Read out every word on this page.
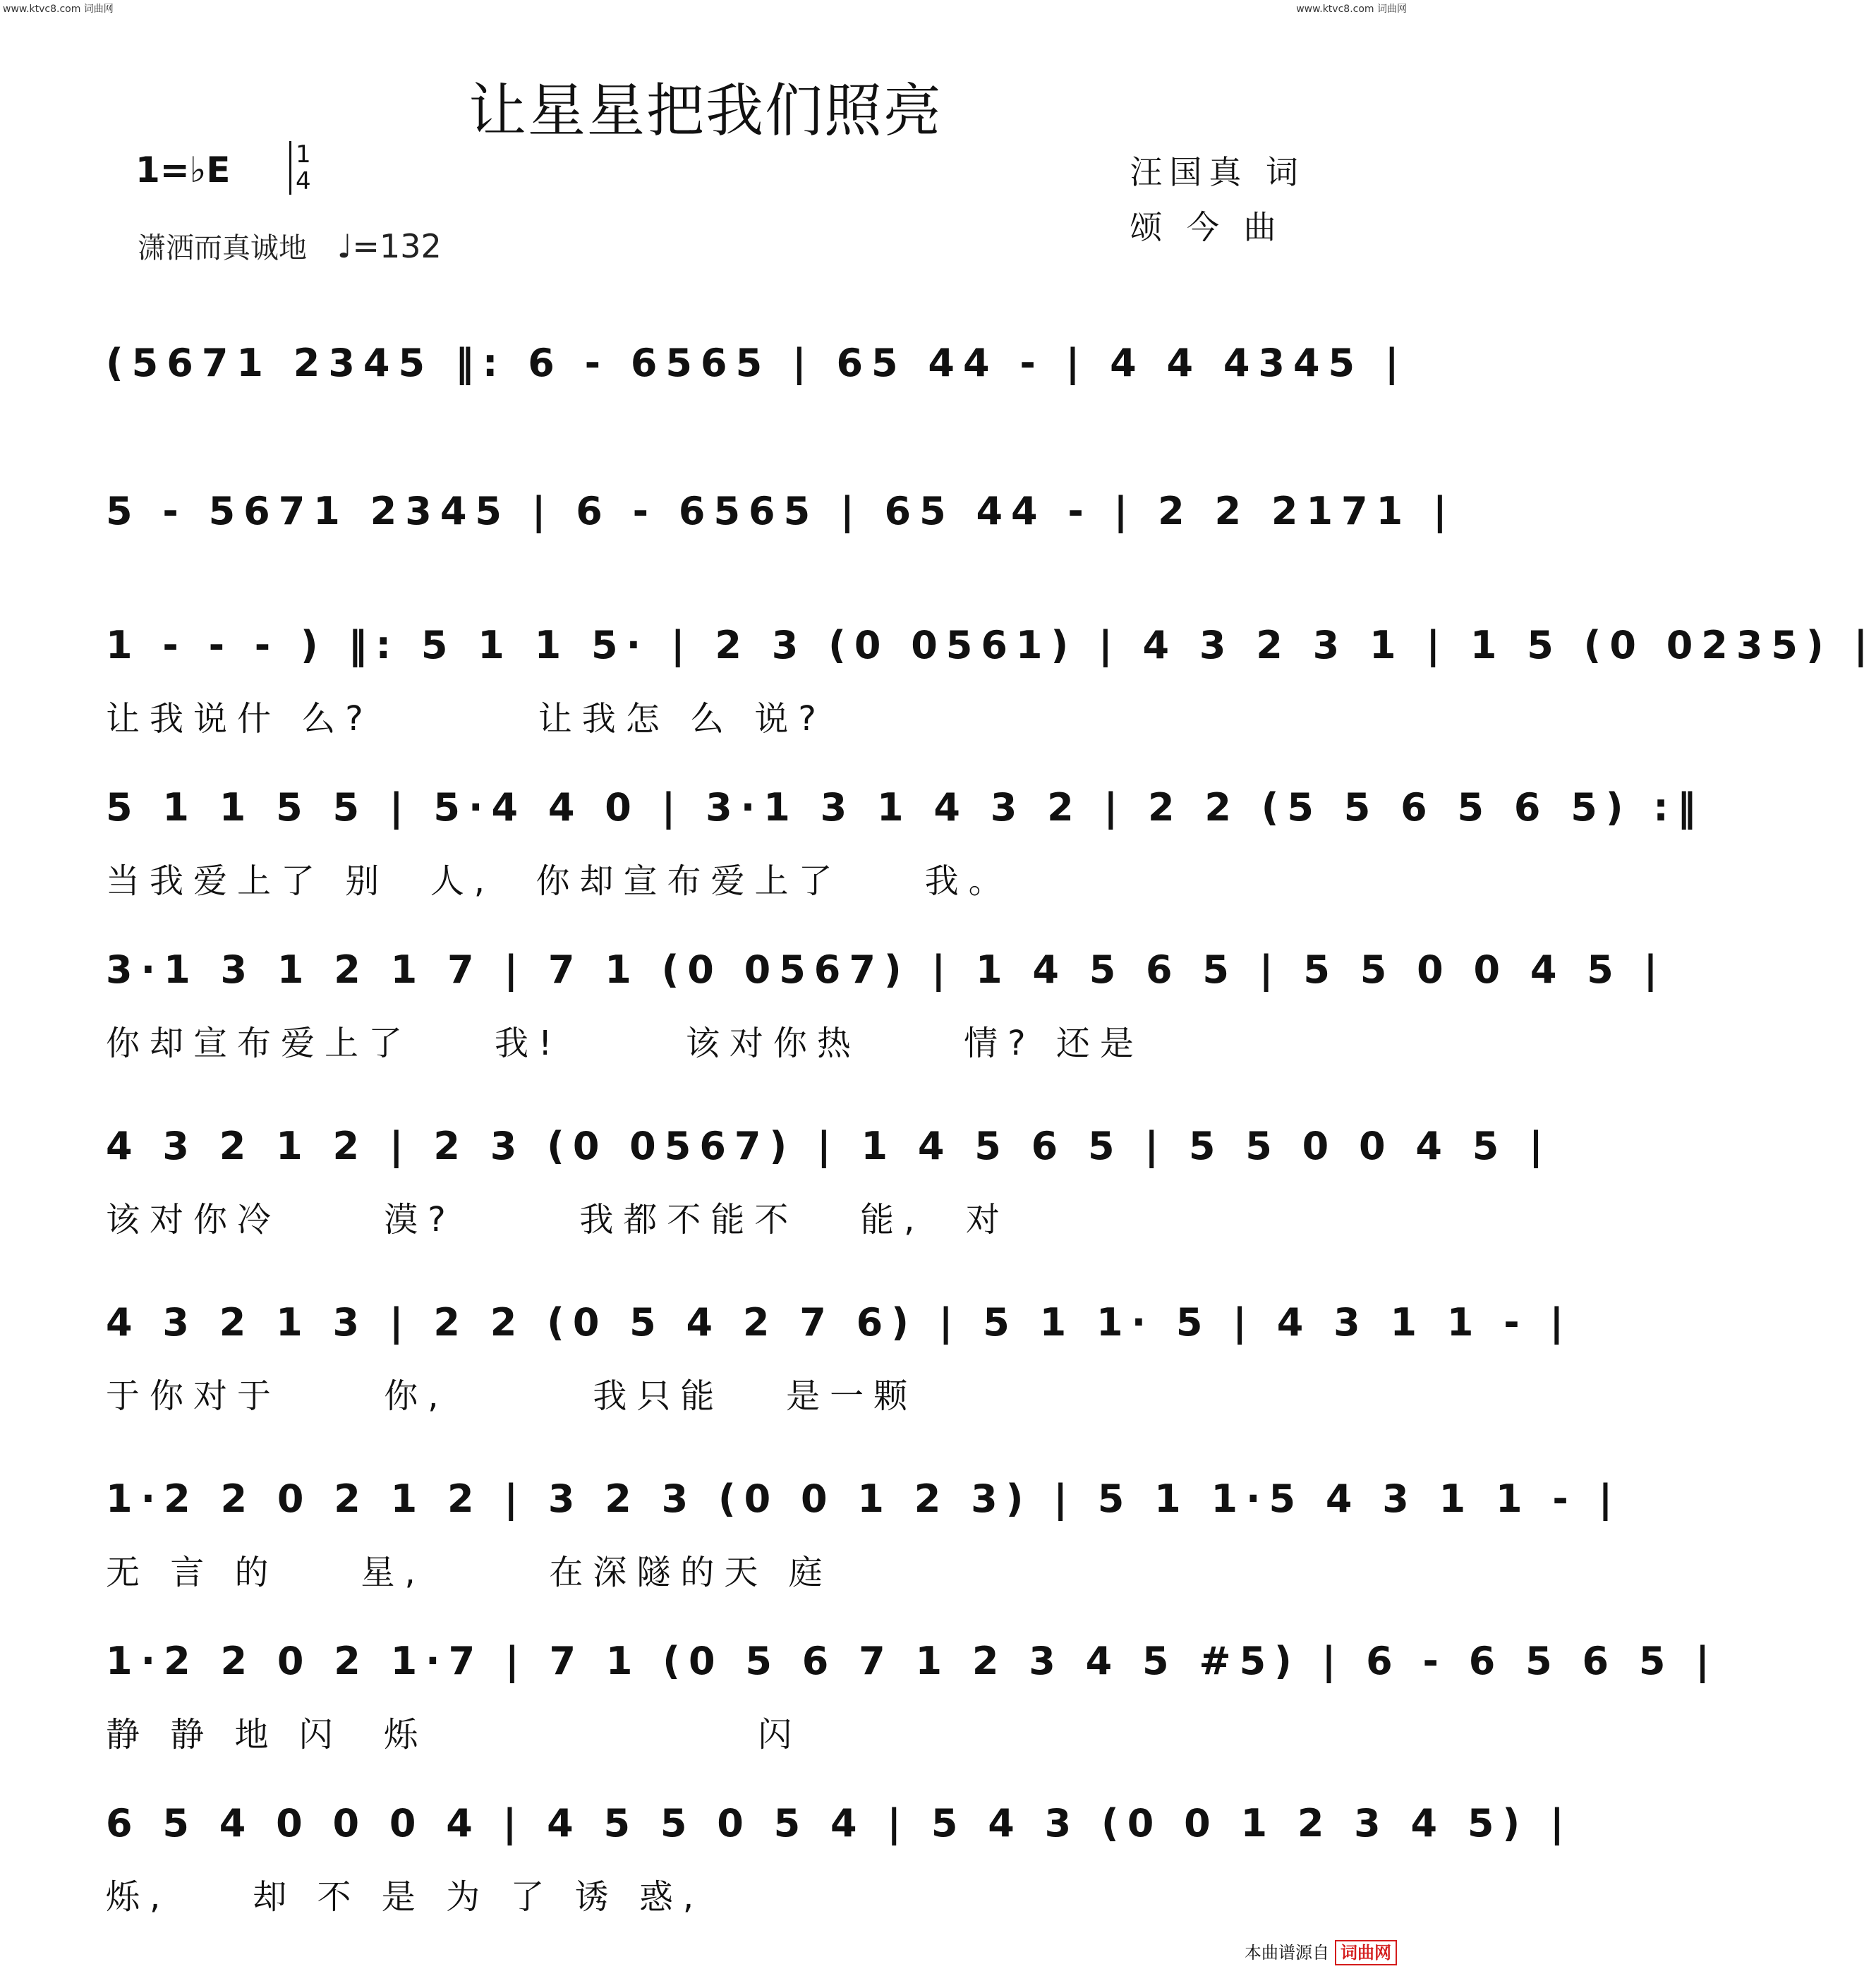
www.ktvc8.com 词曲网	www.ktvc8.com 词曲网
让星星把我们照亮
1=♭E	1
4
潇洒而真诚地 ♩=132
汪国真 词
颂 今 曲
(5671 2345 ‖: 6 - 6565 | 65 44 - | 4 4 4345 |
5 - 5671 2345 | 6 - 6565 | 65 44 - | 2 2 2171 |
1 - - - ) ‖: 5 1 1 5· | 2 3 (0 0561) | 4 3 2 3 1 | 1 5 (0 0235) |
让我说什 么?        让我怎 么 说?
5 1 1 5 5 | 5·4 4 0 | 3·1 3 1 4 3 2 | 2 2 (5 5 6 5 6 5) :‖
当我爱上了 别  人,  你却宣布爱上了    我。
3·1 3 1 2 1 7 | 7 1 (0 0567) | 1 4 5 6 5 | 5 5 0 0 4 5 |
你却宣布爱上了    我!      该对你热     情? 还是
4 3 2 1 2 | 2 3 (0 0567) | 1 4 5 6 5 | 5 5 0 0 4 5 |
该对你冷     漠?      我都不能不   能,  对
4 3 2 1 3 | 2 2 (0 5 4 2 7 6) | 5 1 1· 5 | 4 3 1 1 - |
于你对于     你,       我只能   是一颗
1·2 2 0 2 1 2 | 3 2 3 (0 0 1 2 3) | 5 1 1·5 4 3 1 1 - |
无 言 的    星,      在深隧的天 庭
1·2 2 0 2 1·7 | 7 1 (0 5 6 7 1 2 3 4 5 #5) | 6 - 6 5 6 5 |
静 静 地 闪  烁                闪
6 5 4 0 0 0 4 | 4 5 5 0 5 4 | 5 4 3 (0 0 1 2 3 4 5) |
烁,    却 不 是 为 了 诱 惑,
本曲谱源自 词曲网
